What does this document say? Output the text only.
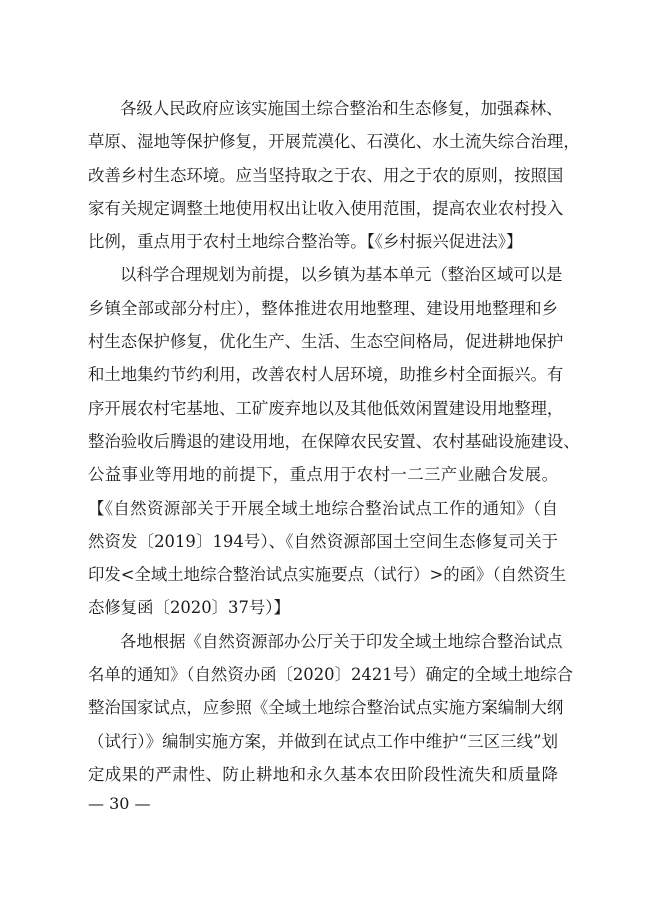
各级人民政府应该实施国土综合整治和生态修复，加强森林、
草原、湿地等保护修复，开展荒漠化、石漠化、水土流失综合治理，
改善乡村生态环境。应当坚持取之于农、用之于农的原则，按照国
家有关规定调整土地使用权出让收入使用范围，提高农业农村投入
比例，重点用于农村土地综合整治等。【《乡村振兴促进法》】
以科学合理规划为前提，以乡镇为基本单元（整治区域可以是
乡镇全部或部分村庄），整体推进农用地整理、建设用地整理和乡
村生态保护修复，优化生产、生活、生态空间格局，促进耕地保护
和土地集约节约利用，改善农村人居环境，助推乡村全面振兴。有
序开展农村宅基地、工矿废弃地以及其他低效闲置建设用地整理，
整治验收后腾退的建设用地，在保障农民安置、农村基础设施建设、
公益事业等用地的前提下，重点用于农村一二三产业融合发展。
【《自然资源部关于开展全域土地综合整治试点工作的通知》（自
然资发〔2019〕194号）、《自然资源部国土空间生态修复司关于
印发<全域土地综合整治试点实施要点（试行）>的函》（自然资生
态修复函〔2020〕37号）】
各地根据《自然资源部办公厅关于印发全域土地综合整治试点
名单的通知》（自然资办函〔2020〕2421号）确定的全域土地综合
整治国家试点，应参照《全域土地综合整治试点实施方案编制大纲
（试行）》编制实施方案，并做到在试点工作中维护“三区三线”划
定成果的严肃性、防止耕地和永久基本农田阶段性流失和质量降
— 30 —
